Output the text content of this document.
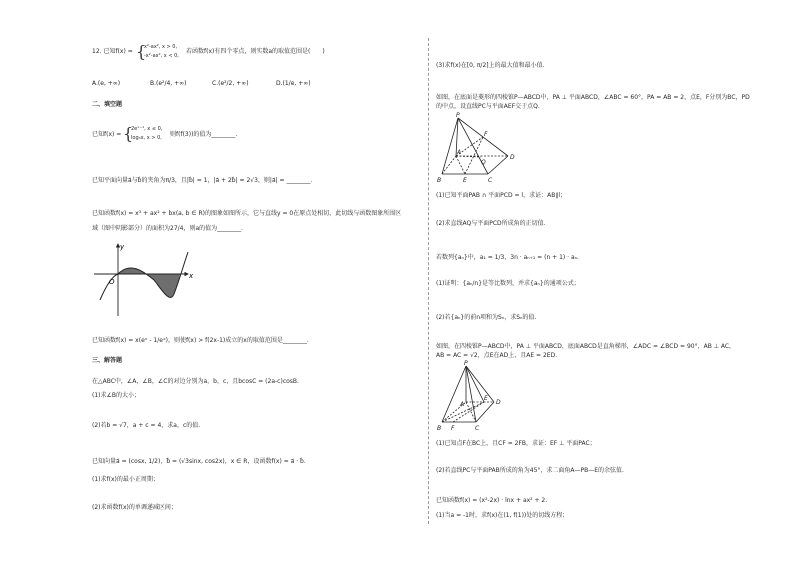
12. 已知f(x) = {
x²-ax², x > 0,
-x²-ax², x < 0,
若函数f(x)有四个零点，则实数a的取值范围是(　　)
A.(e, +∞)	B.(e²/4, +∞)	C.(e²/2, +∞)	D.(1/e, +∞)
二、填空题
已知f(x) = {
2eˣ⁻¹, x ≤ 0,
log₃x, x > 0, 则f(f(3))的值为________.
已知平面向量a⃗与b⃗的夹角为π/3，且|b⃗| = 1，|a⃗ + 2b⃗| = 2√3，则|a⃗| = ________.
已知函数f(x) = x³ + ax² + bx(a, b ∈ R)的图象如图所示，它与直线y = 0在原点处相切，此切线与函数图象所围区
域（图中阴影部分）的面积为27/4，则a的值为________.
y
x
O
已知函数f(x) = x(eˣ - 1/eˣ)，则使f(x) > f(2x-1)成立的x的取值范围是________.
三、解答题
在△ABC中，∠A，∠B，∠C的对边分别为a，b，c，且bcosC = (2a-c)cosB.
(1)求∠B的大小；
(2)若b = √7，a + c = 4，求a，c的值.
已知向量a⃗ = (cosx, 1/2)，b⃗ = (√3sinx, cos2x)，x ∈ R，设函数f(x) = a⃗ · b⃗.
(1)求f(x)的最小正周期；
(2)求函数f(x)的单调递减区间；
(3)求f(x)在[0, π/2]上的最大值和最小值.
如图，在底面是菱形的四棱锥P—ABCD中，PA ⊥ 平面ABCD，∠ABC = 60°，PA = AB = 2，点E，F分别为BC，PD
的中点，设直线PC与平面AEF交于点Q.
P
F
A
Q
D
B	E	C
(1)已知平面PAB ∩ 平面PCD = l，求证：AB∥l；
(2)求直线AQ与平面PCD所成角的正切值.
若数列{aₙ}中，a₁ = 1/3，3n · aₙ₊₁ = (n + 1) · aₙ.
(1)证明：{aₙ/n}是等比数列，并求{aₙ}的通项公式；
(2)若{aₙ}的前n项和为Sₙ，求Sₙ的值.
如图，在四棱锥P—ABCD中，PA ⊥ 平面ABCD，底面ABCD是直角梯形，∠ADC = ∠BCD = 90°，AB ⊥ AC，
AB = AC = √2，点E在AD上，且AE = 2ED.
P
A
E
D
B F	C
(1)已知点F在BC上，且CF = 2FB，求证：EF ⊥ 平面PAC；
(2)若直线PC与平面PAB所成的角为45°，求二面角A—PB—E的余弦值.
已知函数f(x) = (x²-2x) · lnx + ax² + 2.
(1)当a = -1时，求f(x)在(1, f(1))处的切线方程；
